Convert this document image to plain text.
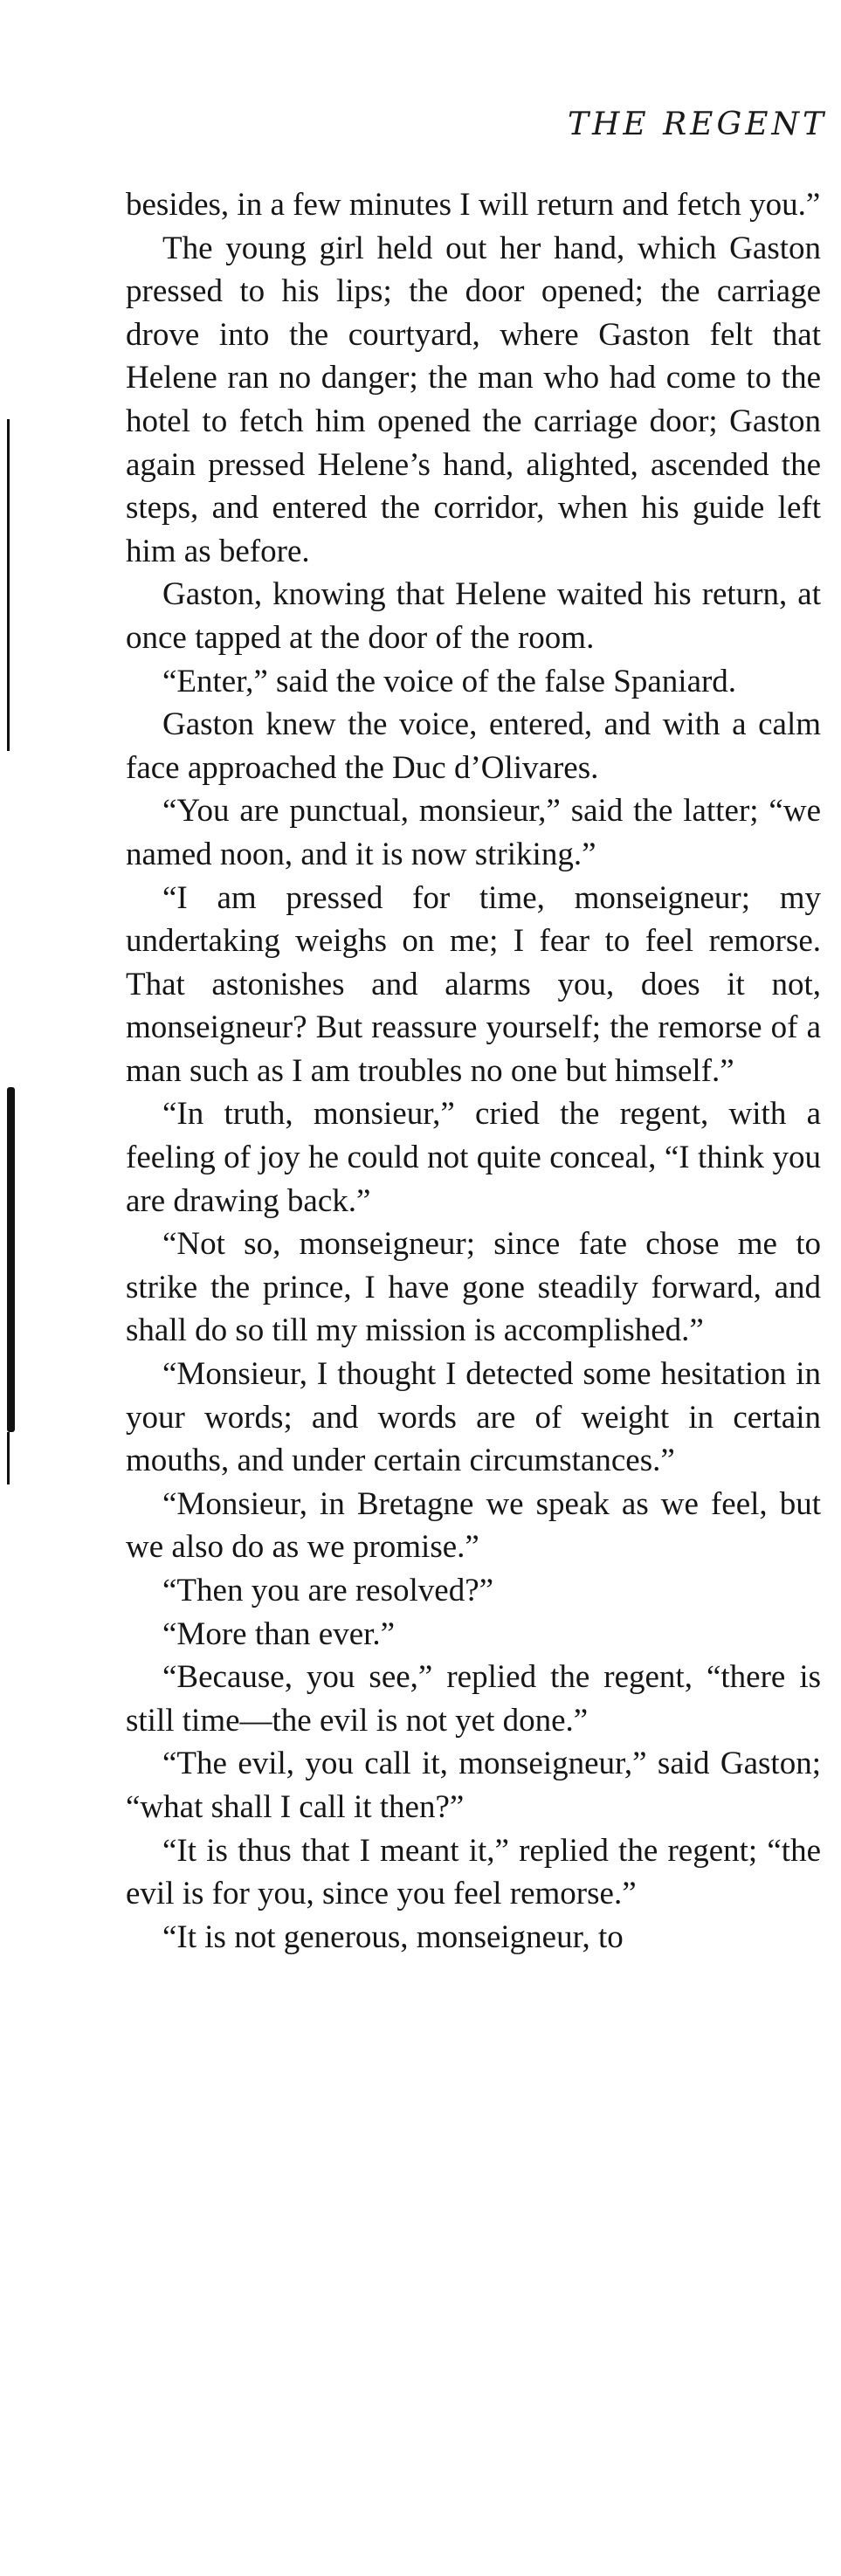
THE REGENT

besides, in a few minutes I will return and fetch you.”

The young girl held out her hand, which Gaston pressed to his lips; the door opened; the carriage drove into the courtyard, where Gaston felt that Helene ran no danger; the man who had come to the hotel to fetch him opened the carriage door; Gaston again pressed Helene’s hand, alighted, ascended the steps, and entered the corridor, when his guide left him as before.

Gaston, knowing that Helene waited his return, at once tapped at the door of the room.

“Enter,” said the voice of the false Spaniard.

Gaston knew the voice, entered, and with a calm face approached the Duc d’Olivares.

“You are punctual, monsieur,” said the latter; “we named noon, and it is now striking.”

“I am pressed for time, monseigneur; my undertaking weighs on me; I fear to feel remorse. That astonishes and alarms you, does it not, monseigneur? But reassure yourself; the remorse of a man such as I am troubles no one but himself.”

“In truth, monsieur,” cried the regent, with a feeling of joy he could not quite conceal, “I think you are drawing back.”

“Not so, monseigneur; since fate chose me to strike the prince, I have gone steadily forward, and shall do so till my mission is accomplished.”

“Monsieur, I thought I detected some hesitation in your words; and words are of weight in certain mouths, and under certain circumstances.”

“Monsieur, in Bretagne we speak as we feel, but we also do as we promise.”

“Then you are resolved?”

“More than ever.”

“Because, you see,” replied the regent, “there is still time—the evil is not yet done.”

“The evil, you call it, monseigneur,” said Gaston; “what shall I call it then?”

“It is thus that I meant it,” replied the regent; “the evil is for you, since you feel remorse.”

“It is not generous, monseigneur, to
